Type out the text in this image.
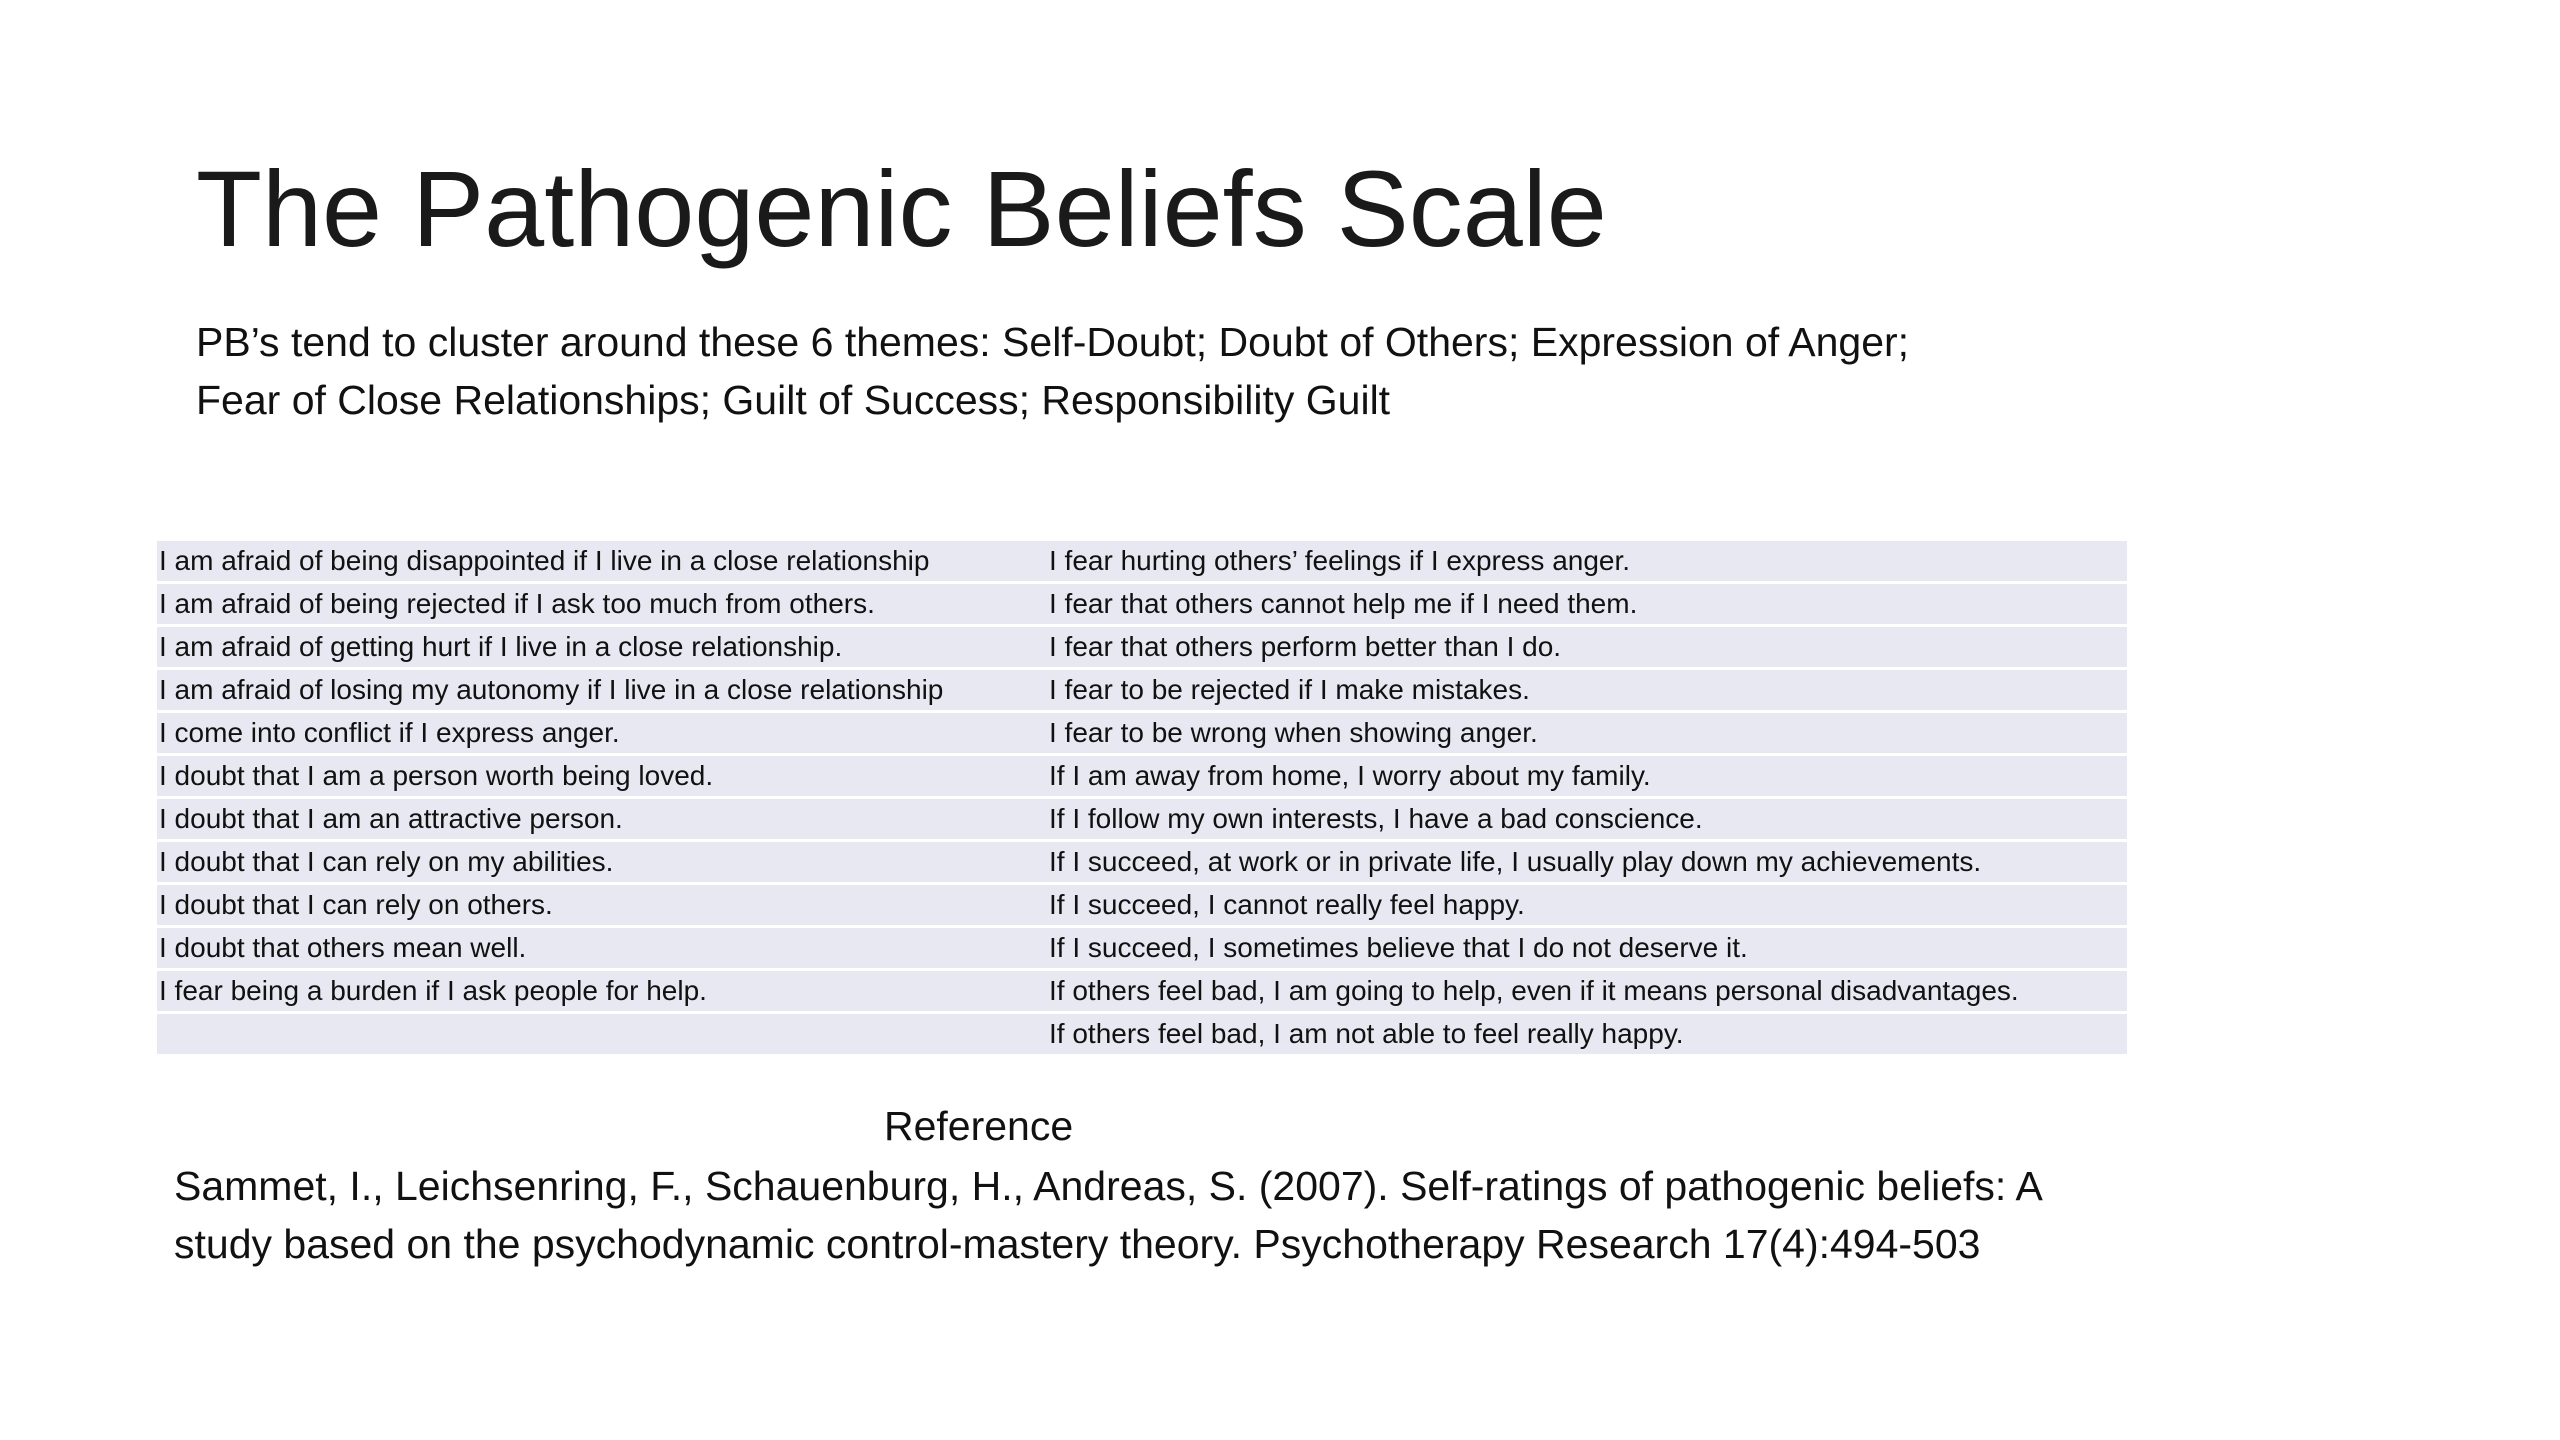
The Pathogenic Beliefs Scale
PB’s tend to cluster around these 6 themes: Self-Doubt; Doubt of Others; Expression of Anger; Fear of Close Relationships; Guilt of Success; Responsibility Guilt
I am afraid of being disappointed if I live in a close relationship		I fear hurting others’ feelings if I express anger.
I am afraid of being rejected if I ask too much from others.		I fear that others cannot help me if I need them.
I am afraid of getting hurt if I live in a close relationship.		I fear that others perform better than I do.
I am afraid of losing my autonomy if I live in a close relationship		I fear to be rejected if I make mistakes.
I come into conflict if I express anger.		I fear to be wrong when showing anger.
I doubt that I am a person worth being loved.		If I am away from home, I worry about my family.
I doubt that I am an attractive person.		If I follow my own interests, I have a bad conscience.
I doubt that I can rely on my abilities.		If I succeed, at work or in private life, I usually play down my achievements.
I doubt that I can rely on others.		If I succeed, I cannot really feel happy.
I doubt that others mean well.		If I succeed, I sometimes believe that I do not deserve it.
I fear being a burden if I ask people for help.		If others feel bad, I am going to help, even if it means personal disadvantages.
		If others feel bad, I am not able to feel really happy.
Reference
Sammet, I., Leichsenring, F., Schauenburg, H., Andreas, S. (2007). Self-ratings of pathogenic beliefs: A study based on the psychodynamic control-mastery theory. Psychotherapy Research 17(4):494-503
